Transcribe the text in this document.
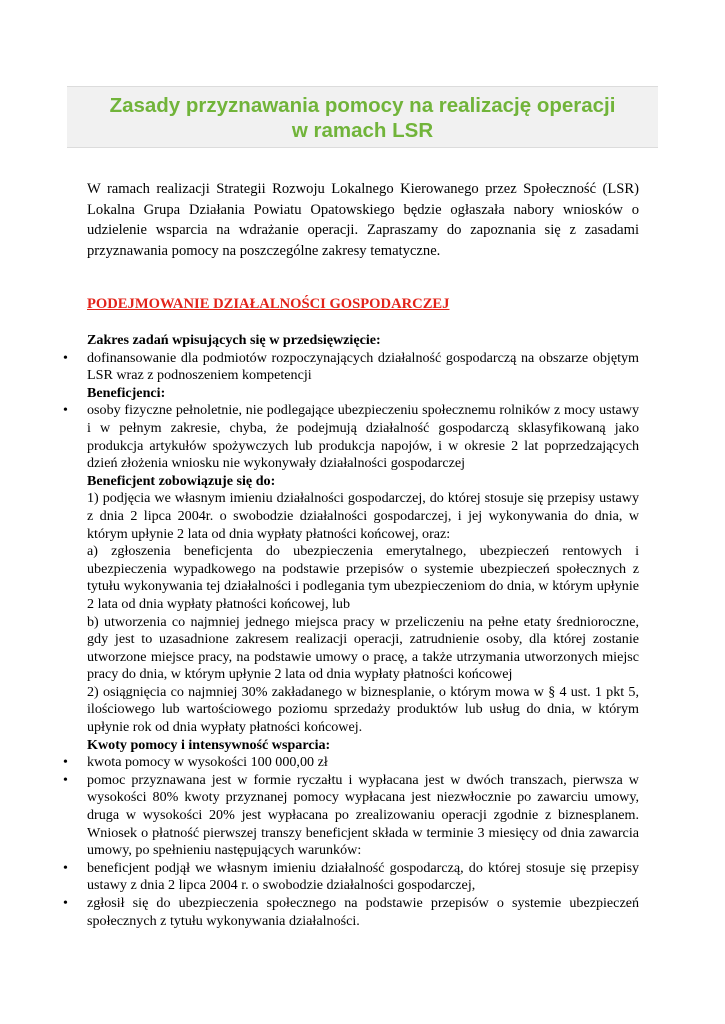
Zasady przyznawania pomocy na realizację operacji
w ramach LSR

W ramach realizacji Strategii Rozwoju Lokalnego Kierowanego przez Społeczność (LSR) Lokalna Grupa Działania Powiatu Opatowskiego będzie ogłaszała nabory wniosków o udzielenie wsparcia na wdrażanie operacji. Zapraszamy do zapoznania się z zasadami przyznawania pomocy na poszczególne zakresy tematyczne.

PODEJMOWANIE DZIAŁALNOŚCI GOSPODARCZEJ

Zakres zadań wpisujących się w przedsięwzięcie:

• dofinansowanie dla podmiotów rozpoczynających działalność gospodarczą na obszarze objętym LSR wraz z podnoszeniem kompetencji

Beneficjenci:

• osoby fizyczne pełnoletnie, nie podlegające ubezpieczeniu społecznemu rolników z mocy ustawy i w pełnym zakresie, chyba, że podejmują działalność gospodarczą sklasyfikowaną jako produkcja artykułów spożywczych lub produkcja napojów, i w okresie 2 lat poprzedzających dzień złożenia wniosku nie wykonywały działalności gospodarczej

Beneficjent zobowiązuje się do:

1) podjęcia we własnym imieniu działalności gospodarczej, do której stosuje się przepisy ustawy z dnia 2 lipca 2004r. o swobodzie działalności gospodarczej, i jej wykonywania do dnia, w którym upłynie 2 lata od dnia wypłaty płatności końcowej, oraz:

a) zgłoszenia beneficjenta do ubezpieczenia emerytalnego, ubezpieczeń rentowych i ubezpieczenia wypadkowego na podstawie przepisów o systemie ubezpieczeń społecznych z tytułu wykonywania tej działalności i podlegania tym ubezpieczeniom do dnia, w którym upłynie 2 lata od dnia wypłaty płatności końcowej, lub

b) utworzenia co najmniej jednego miejsca pracy w przeliczeniu na pełne etaty średnioroczne, gdy jest to uzasadnione zakresem realizacji operacji, zatrudnienie osoby, dla której zostanie utworzone miejsce pracy, na podstawie umowy o pracę, a także utrzymania utworzonych miejsc pracy do dnia, w którym upłynie 2 lata od dnia wypłaty płatności końcowej

2) osiągnięcia co najmniej 30% zakładanego w biznesplanie, o którym mowa w § 4 ust. 1 pkt 5, ilościowego lub wartościowego poziomu sprzedaży produktów lub usług do dnia, w którym upłynie rok od dnia wypłaty płatności końcowej.

Kwoty pomocy i intensywność wsparcia:

• kwota pomocy w wysokości 100 000,00 zł
• pomoc przyznawana jest w formie ryczałtu i wypłacana jest w dwóch transzach, pierwsza w wysokości 80% kwoty przyznanej pomocy wypłacana jest niezwłocznie po zawarciu umowy, druga w wysokości 20% jest wypłacana po zrealizowaniu operacji zgodnie z biznesplanem. Wniosek o płatność pierwszej transzy beneficjent składa w terminie 3 miesięcy od dnia zawarcia umowy, po spełnieniu następujących warunków:
• beneficjent podjął we własnym imieniu działalność gospodarczą, do której stosuje się przepisy ustawy z dnia 2 lipca 2004 r. o swobodzie działalności gospodarczej,
• zgłosił się do ubezpieczenia społecznego na podstawie przepisów o systemie ubezpieczeń społecznych z tytułu wykonywania działalności.
